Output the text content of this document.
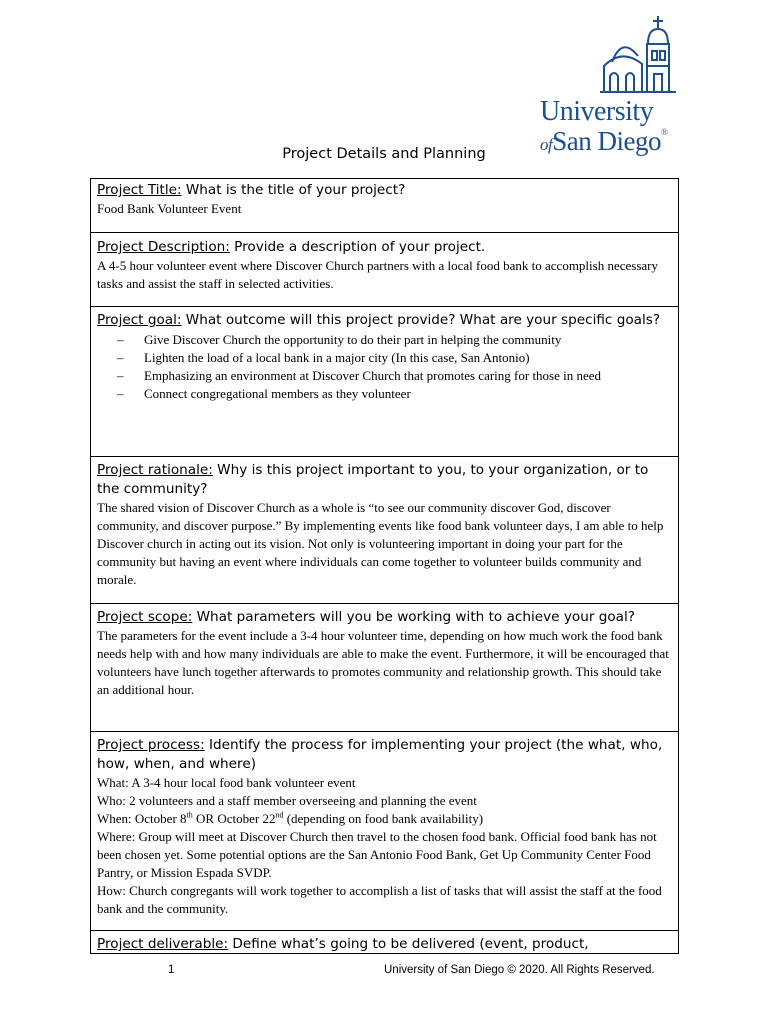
University
ofSan Diego®
Project Details and Planning
Project Title: What is the title of your project?
Food Bank Volunteer Event
Project Description: Provide a description of your project.
A 4-5 hour volunteer event where Discover Church partners with a local food bank to accomplish necessary tasks and assist the staff in selected activities.
Project goal: What outcome will this project provide? What are your specific goals?
– Give Discover Church the opportunity to do their part in helping the community
– Lighten the load of a local bank in a major city (In this case, San Antonio)
– Emphasizing an environment at Discover Church that promotes caring for those in need
– Connect congregational members as they volunteer
Project rationale: Why is this project important to you, to your organization, or to the community?
The shared vision of Discover Church as a whole is “to see our community discover God, discover community, and discover purpose.” By implementing events like food bank volunteer days, I am able to help Discover church in acting out its vision. Not only is volunteering important in doing your part for the community but having an event where individuals can come together to volunteer builds community and morale.
Project scope: What parameters will you be working with to achieve your goal?
The parameters for the event include a 3-4 hour volunteer time, depending on how much work the food bank needs help with and how many individuals are able to make the event. Furthermore, it will be encouraged that volunteers have lunch together afterwards to promotes community and relationship growth. This should take an additional hour.
Project process: Identify the process for implementing your project (the what, who, how, when, and where)
What: A 3-4 hour local food bank volunteer event
Who: 2 volunteers and a staff member overseeing and planning the event
When: October 8th OR October 22nd (depending on food bank availability)
Where: Group will meet at Discover Church then travel to the chosen food bank. Official food bank has not been chosen yet. Some potential options are the San Antonio Food Bank, Get Up Community Center Food Pantry, or Mission Espada SVDP.
How: Church congregants will work together to accomplish a list of tasks that will assist the staff at the food bank and the community.
Project deliverable: Define what’s going to be delivered (event, product,
1	University of San Diego © 2020. All Rights Reserved.
